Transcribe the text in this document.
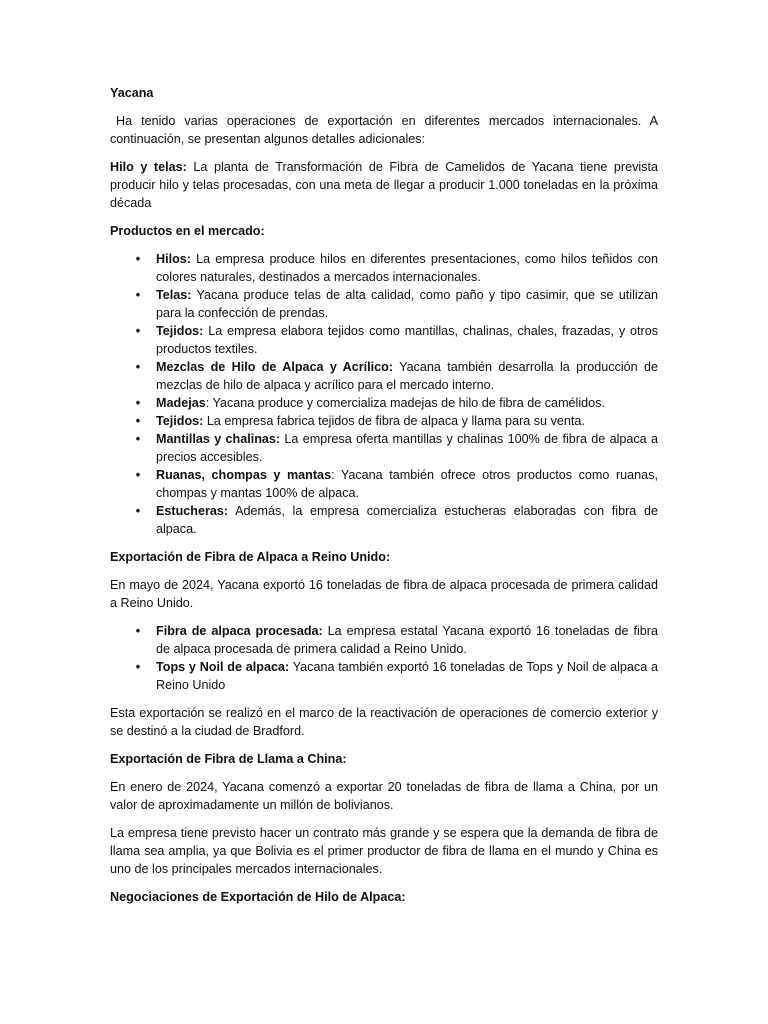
Yacana

Ha tenido varias operaciones de exportación en diferentes mercados internacionales. A continuación, se presentan algunos detalles adicionales:

Hilo y telas: La planta de Transformación de Fibra de Camelidos de Yacana tiene prevista producir hilo y telas procesadas, con una meta de llegar a producir 1.000 toneladas en la próxima década

Productos en el mercado:
•	Hilos: La empresa produce hilos en diferentes presentaciones, como hilos teñidos con colores naturales, destinados a mercados internacionales.
•	Telas: Yacana produce telas de alta calidad, como paño y tipo casimir, que se utilizan para la confección de prendas.
•	Tejidos: La empresa elabora tejidos como mantillas, chalinas, chales, frazadas, y otros productos textiles.
•	Mezclas de Hilo de Alpaca y Acrílico: Yacana también desarrolla la producción de mezclas de hilo de alpaca y acrílico para el mercado interno.
•	Madejas: Yacana produce y comercializa madejas de hilo de fibra de camélidos.
•	Tejidos: La empresa fabrica tejidos de fibra de alpaca y llama para su venta.
•	Mantillas y chalinas: La empresa oferta mantillas y chalinas 100% de fibra de alpaca a precios accesibles.
•	Ruanas, chompas y mantas: Yacana también ofrece otros productos como ruanas, chompas y mantas 100% de alpaca.
•	Estucheras: Además, la empresa comercializa estucheras elaboradas con fibra de alpaca.
Exportación de Fibra de Alpaca a Reino Unido:

En mayo de 2024, Yacana exportó 16 toneladas de fibra de alpaca procesada de primera calidad a Reino Unido.

•	Fibra de alpaca procesada: La empresa estatal Yacana exportó 16 toneladas de fibra de alpaca procesada de primera calidad a Reino Unido.
•	Tops y Noil de alpaca: Yacana también exportó 16 toneladas de Tops y Noil de alpaca a Reino Unido

Esta exportación se realizó en el marco de la reactivación de operaciones de comercio exterior y se destinó a la ciudad de Bradford.

Exportación de Fibra de Llama a China:

En enero de 2024, Yacana comenzó a exportar 20 toneladas de fibra de llama a China, por un valor de aproximadamente un millón de bolivianos.

La empresa tiene previsto hacer un contrato más grande y se espera que la demanda de fibra de llama sea amplia, ya que Bolivia es el primer productor de fibra de llama en el mundo y China es uno de los principales mercados internacionales.

Negociaciones de Exportación de Hilo de Alpaca:
